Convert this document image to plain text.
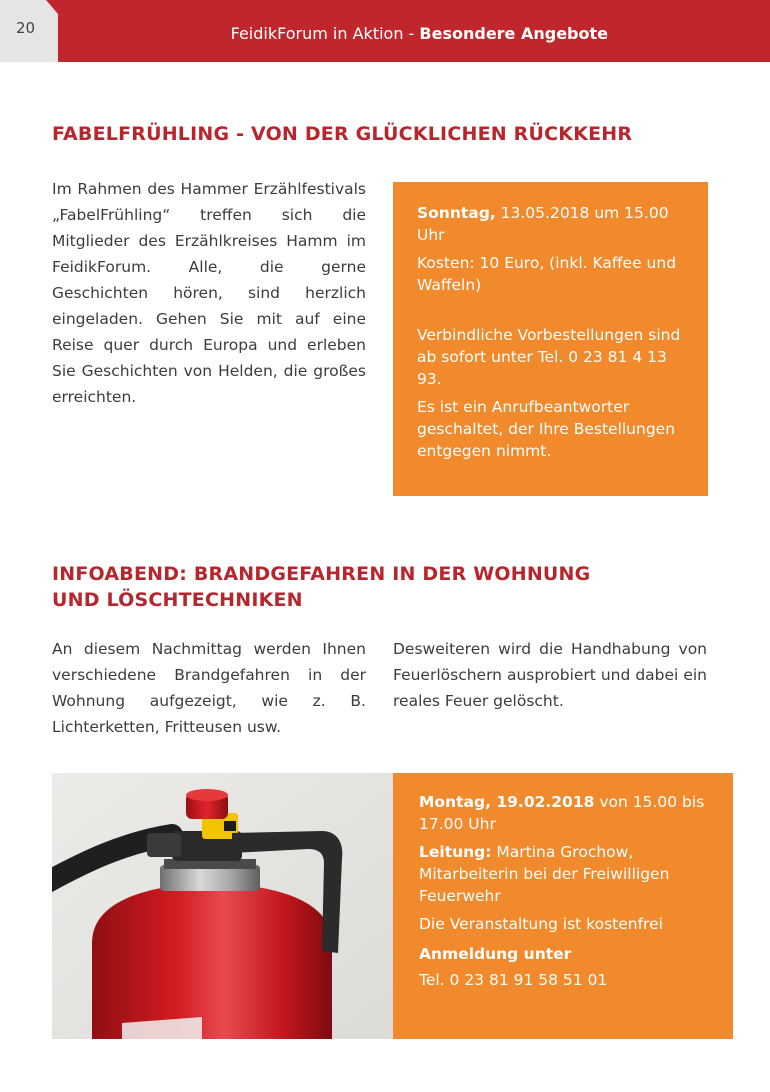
20	FeidikForum in Aktion - Besondere Angebote
FABELFRÜHLING - VON DER GLÜCKLICHEN RÜCKKEHR
Im Rahmen des Hammer Erzählfestivals „FabelFrühling“ treffen sich die Mitglieder des Erzählkreises Hamm im FeidikForum. Alle, die gerne Geschichten hören, sind herzlich eingeladen. Gehen Sie mit auf eine Reise quer durch Europa und erleben Sie Geschichten von Helden, die großes erreichten.

Sonntag, 13.05.2018 um 15.00 Uhr

Kosten: 10 Euro, (inkl. Kaffee und Waffeln)

Verbindliche Vorbestellungen sind ab sofort unter Tel. 0 23 81 4 13 93.

Es ist ein Anrufbeantworter geschaltet, der Ihre Bestellungen entgegen nimmt.

INFOABEND: BRANDGEFAHREN IN DER WOHNUNG
UND LÖSCHTECHNIKEN
An diesem Nachmittag werden Ihnen verschiedene Brandgefahren in der Wohnung aufgezeigt, wie z. B. Lichterketten, Fritteusen usw.
Desweiteren wird die Handhabung von Feuerlöschern ausprobiert und dabei ein reales Feuer gelöscht.

Montag, 19.02.2018 von 15.00 bis 17.00 Uhr

Leitung: Martina Grochow, Mitarbeiterin bei der Freiwilligen Feuerwehr

Die Veranstaltung ist kostenfrei

Anmeldung unter

Tel. 0 23 81 91 58 51 01
